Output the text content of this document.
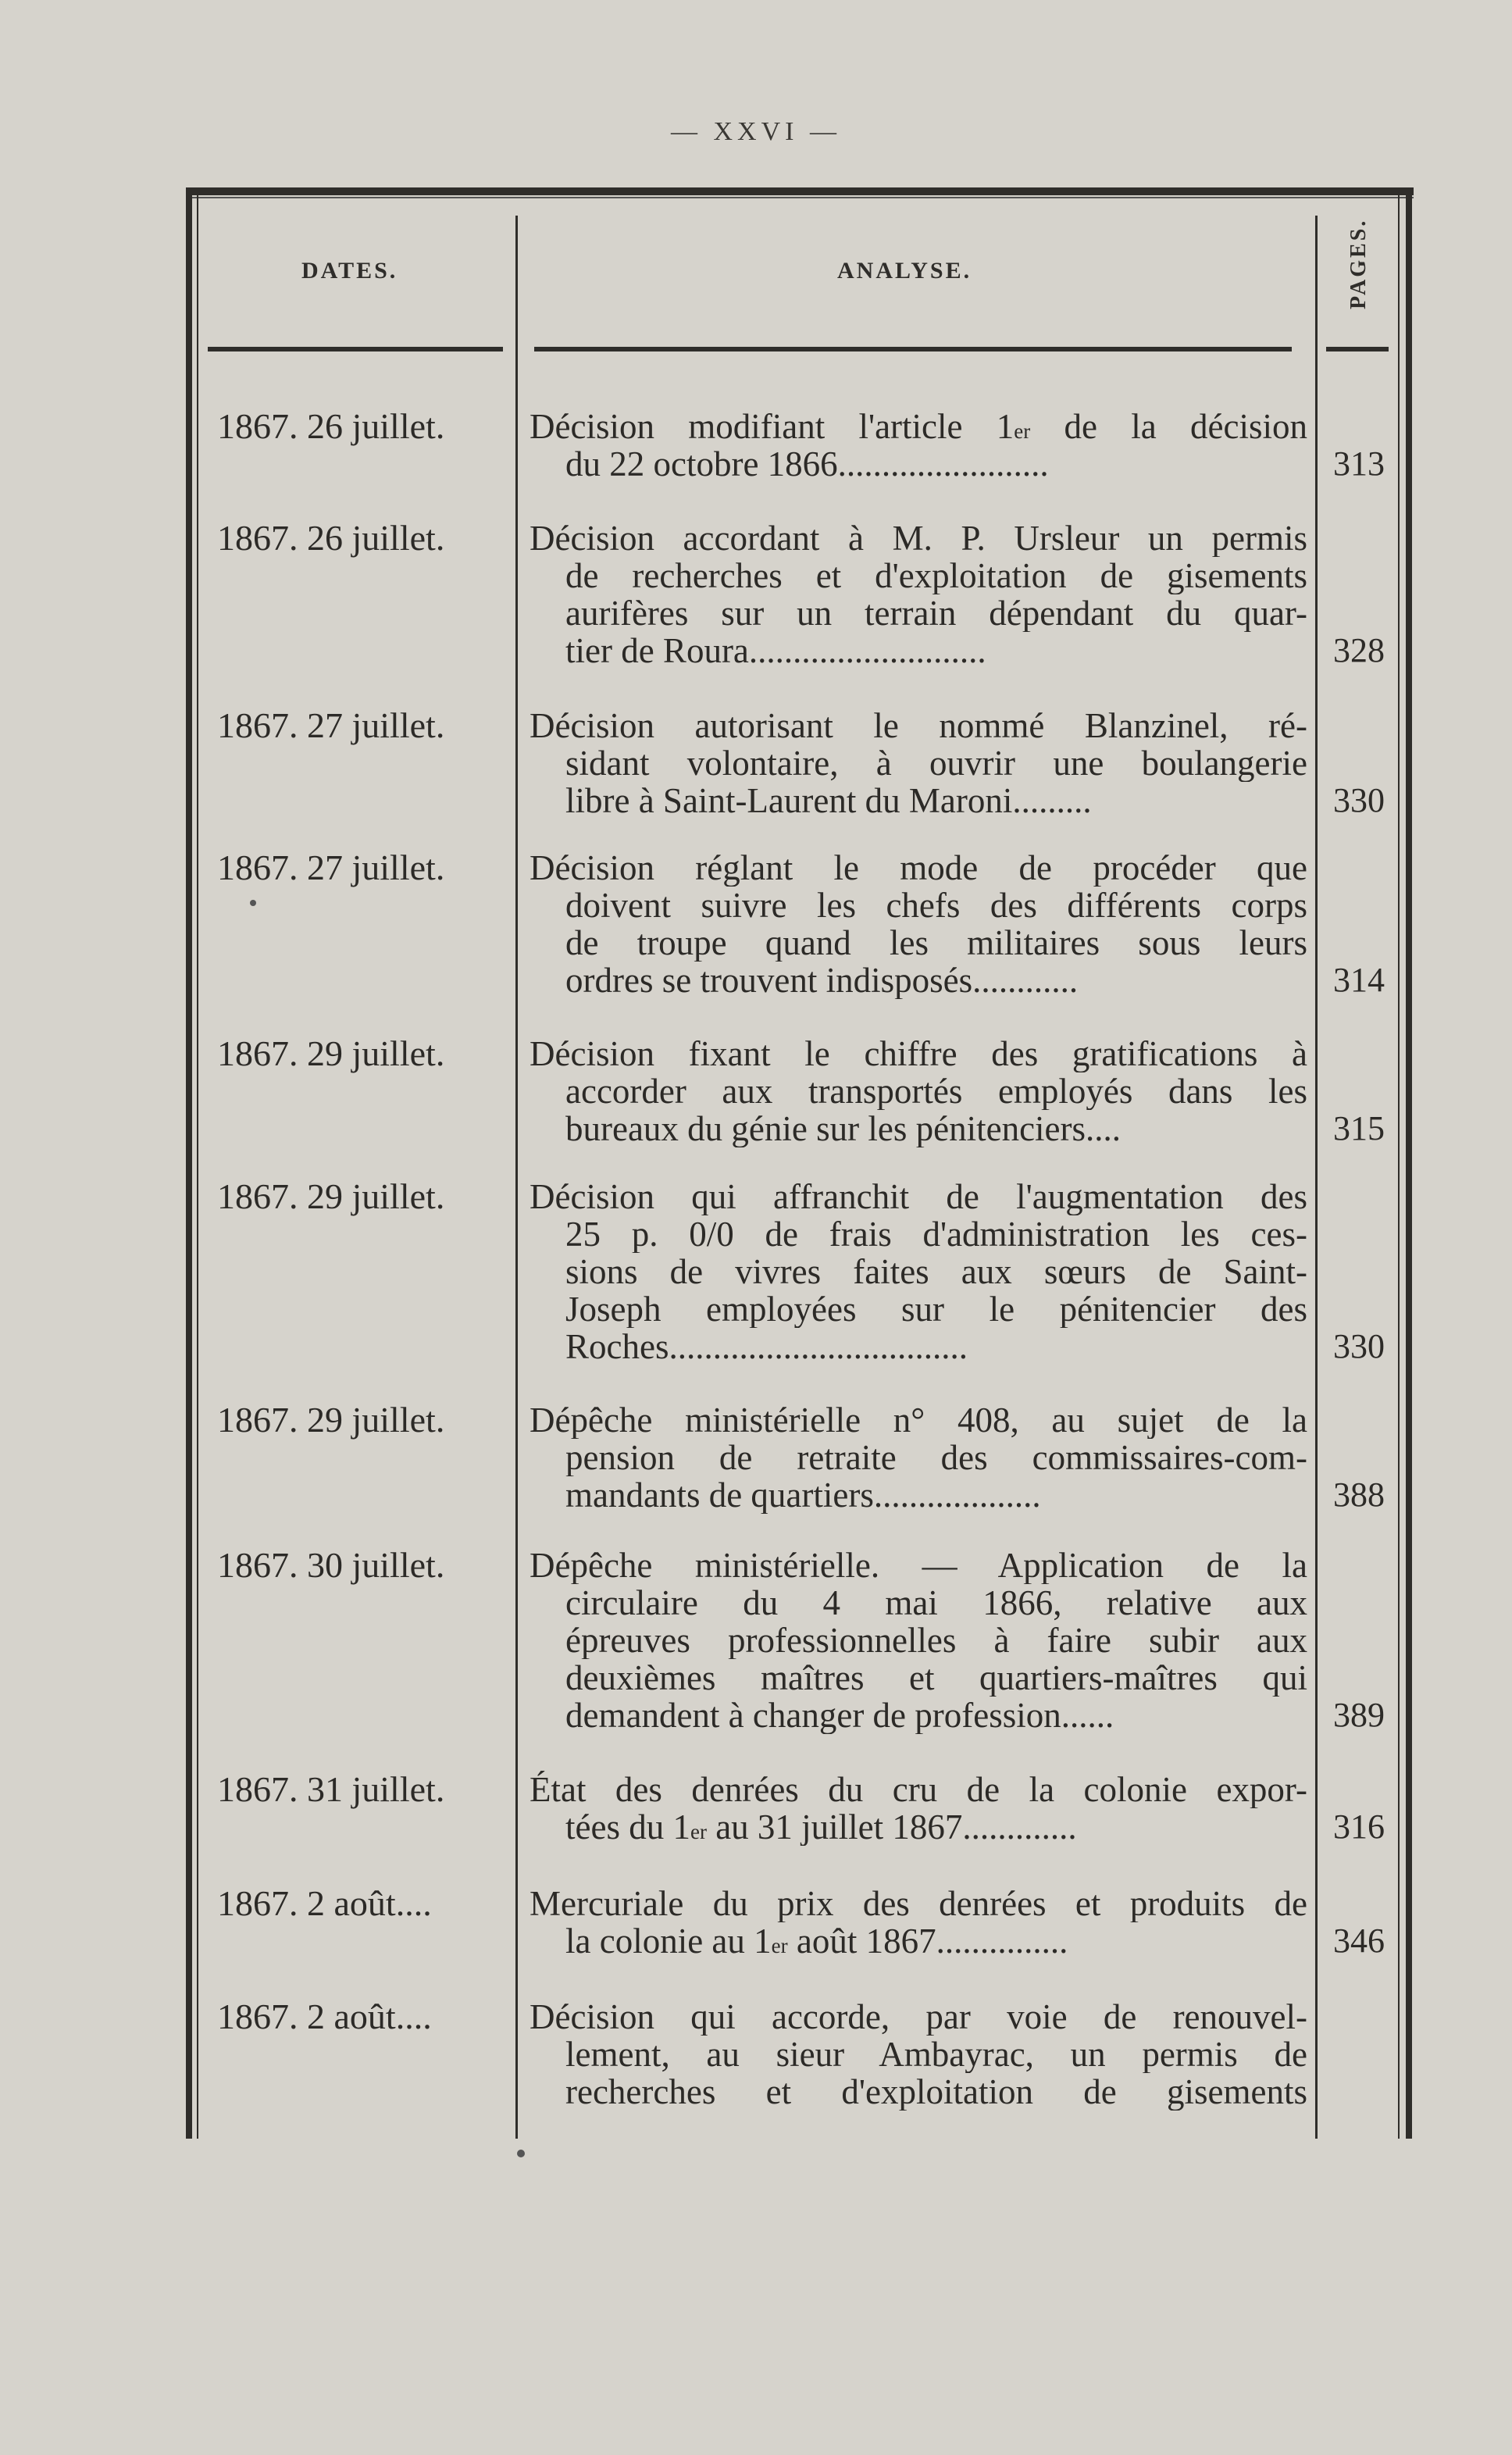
— XXVI —
DATES.	ANALYSE.	PAGES.
1867. 26 juillet. Décision modifiant l'article 1er de la décision
du 22 octobre 1866........................	313
1867. 26 juillet. Décision accordant à M. P. Ursleur un permis
de recherches et d'exploitation de gisements
aurifères sur un terrain dépendant du quar-
tier de Roura...........................	328
1867. 27 juillet. Décision autorisant le nommé Blanzinel, ré-
sidant volontaire, à ouvrir une boulangerie
libre à Saint-Laurent du Maroni.........	330
1867. 27 juillet. Décision réglant le mode de procéder que
doivent suivre les chefs des différents corps
de troupe quand les militaires sous leurs
ordres se trouvent indisposés............	314
1867. 29 juillet. Décision fixant le chiffre des gratifications à
accorder aux transportés employés dans les
bureaux du génie sur les pénitenciers....	315
1867. 29 juillet. Décision qui affranchit de l'augmentation des
25 p. 0/0 de frais d'administration les ces-
sions de vivres faites aux sœurs de Saint-
Joseph employées sur le pénitencier des
Roches..................................	330
1867. 29 juillet. Dépêche ministérielle n° 408, au sujet de la
pension de retraite des commissaires-com-
mandants de quartiers...................	388
1867. 30 juillet. Dépêche ministérielle. — Application de la
circulaire du 4 mai 1866, relative aux
épreuves professionnelles à faire subir aux
deuxièmes maîtres et quartiers-maîtres qui
demandent à changer de profession......	389
1867. 31 juillet. État des denrées du cru de la colonie expor-
tées du 1er au 31 juillet 1867.............	316
1867. 2 août....	Mercuriale du prix des denrées et produits de
la colonie au 1er août 1867...............	346
1867. 2 août....	Décision qui accorde, par voie de renouvel-
lement, au sieur Ambayrac, un permis de
recherches et d'exploitation de gisements
